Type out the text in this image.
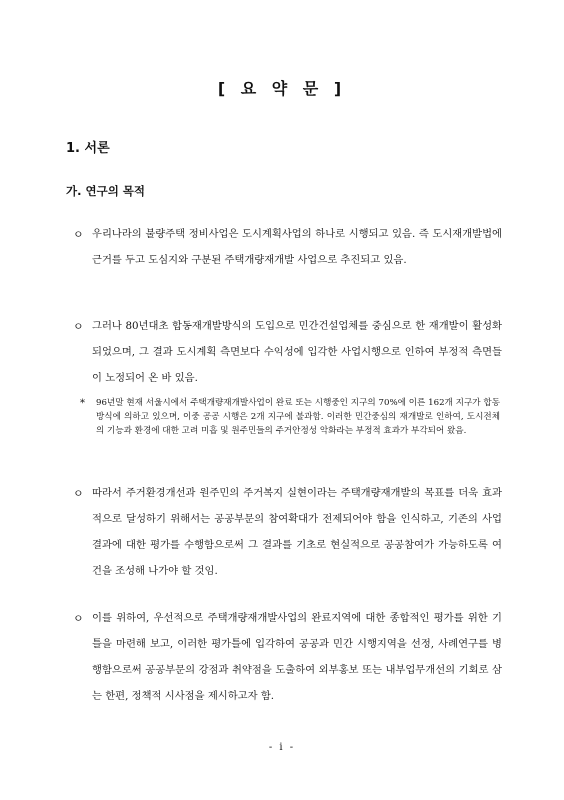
[ 요 약 문 ]
1. 서론
가. 연구의 목적
ㅇ 우리나라의 불량주택 정비사업은 도시계획사업의 하나로 시행되고 있음. 즉 도시재개발법에 근거를 두고 도심지와 구분된 주택개량재개발 사업으로 추진되고 있음.
ㅇ 그러나 80년대초 합동재개발방식의 도입으로 민간건설업체를 중심으로 한 재개발이 활성화되었으며, 그 결과 도시계획 측면보다 수익성에 입각한 사업시행으로 인하여 부정적 측면들이 노정되어 온 바 있음.
* 96년말 현재 서울시에서 주택개량재개발사업이 완료 또는 시행중인 지구의 70%에 이른 162개 지구가 합동방식에 의하고 있으며, 이중 공공 시행은 2개 지구에 불과함. 이러한 민간중심의 재개발로 인하여, 도시전체의 기능과 환경에 대한 고려 미흡 및 원주민들의 주거안정성 악화라는 부정적 효과가 부각되어 왔음.
ㅇ 따라서 주거환경개선과 원주민의 주거복지 실현이라는 주택개량재개발의 목표를 더욱 효과적으로 달성하기 위해서는 공공부문의 참여확대가 전제되어야 함을 인식하고, 기존의 사업 결과에 대한 평가를 수행함으로써 그 결과를 기초로 현실적으로 공공참여가 가능하도록 여건을 조성해 나가야 할 것임.
ㅇ 이를 위하여, 우선적으로 주택개량재개발사업의 완료지역에 대한 종합적인 평가를 위한 기틀을 마련해 보고, 이러한 평가틀에 입각하여 공공과 민간 시행지역을 선정, 사례연구를 병행함으로써 공공부문의 강점과 취약점을 도출하여 외부홍보 또는 내부업무개선의 기회로 삼는 한편, 정책적 시사점을 제시하고자 함.
- i -
